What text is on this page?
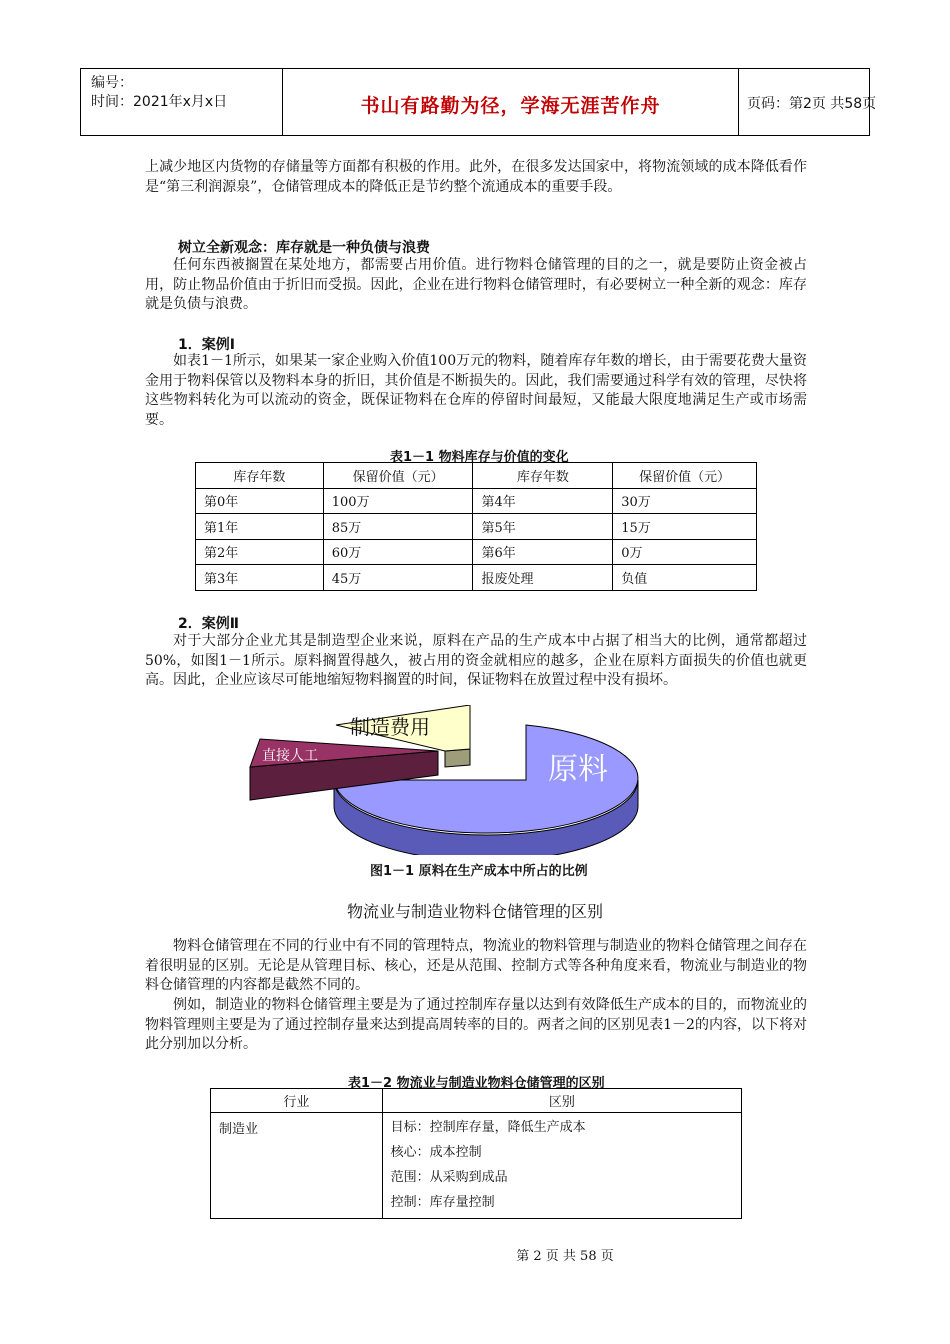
编号：
时间：2021年x月x日	书山有路勤为径，学海无涯苦作舟	页码：第2页 共58页
上减少地区内货物的存储量等方面都有积极的作用。此外，在很多发达国家中，将物流领域的成本降低看作是“第三利润源泉”，仓储管理成本的降低正是节约整个流通成本的重要手段。
树立全新观念：库存就是一种负债与浪费
任何东西被搁置在某处地方，都需要占用价值。进行物料仓储管理的目的之一，就是要防止资金被占用，防止物品价值由于折旧而受损。因此，企业在进行物料仓储管理时，有必要树立一种全新的观念：库存就是负债与浪费。
1．案例Ⅰ
如表1－1所示，如果某一家企业购入价值100万元的物料，随着库存年数的增长，由于需要花费大量资金用于物料保管以及物料本身的折旧，其价值是不断损失的。因此，我们需要通过科学有效的管理，尽快将这些物料转化为可以流动的资金，既保证物料在仓库的停留时间最短，又能最大限度地满足生产或市场需要。
表1－1 物料库存与价值的变化
库存年数	保留价值（元）	库存年数	保留价值（元）
第0年	100万	第4年	30万
第1年	85万	第5年	15万
第2年	60万	第6年	0万
第3年	45万	报废处理	负值
2．案例Ⅱ
对于大部分企业尤其是制造型企业来说，原料在产品的生产成本中占据了相当大的比例，通常都超过50%，如图1－1所示。原料搁置得越久，被占用的资金就相应的越多，企业在原料方面损失的价值也就更高。因此，企业应该尽可能地缩短物料搁置的时间，保证物料在放置过程中没有损坏。
制造费用
直接人工	原料
图1－1 原料在生产成本中所占的比例
物流业与制造业物料仓储管理的区别
物料仓储管理在不同的行业中有不同的管理特点，物流业的物料管理与制造业的物料仓储管理之间存在着很明显的区别。无论是从管理目标、核心，还是从范围、控制方式等各种角度来看，物流业与制造业的物料仓储管理的内容都是截然不同的。
例如，制造业的物料仓储管理主要是为了通过控制库存量以达到有效降低生产成本的目的，而物流业的物料管理则主要是为了通过控制存量来达到提高周转率的目的。两者之间的区别见表1－2的内容，以下将对此分别加以分析。
表1－2 物流业与制造业物料仓储管理的区别
行业	区别
制造业	目标：控制库存量，降低生产成本
核心：成本控制
范围：从采购到成品
控制：库存量控制
第 2 页 共 58 页
